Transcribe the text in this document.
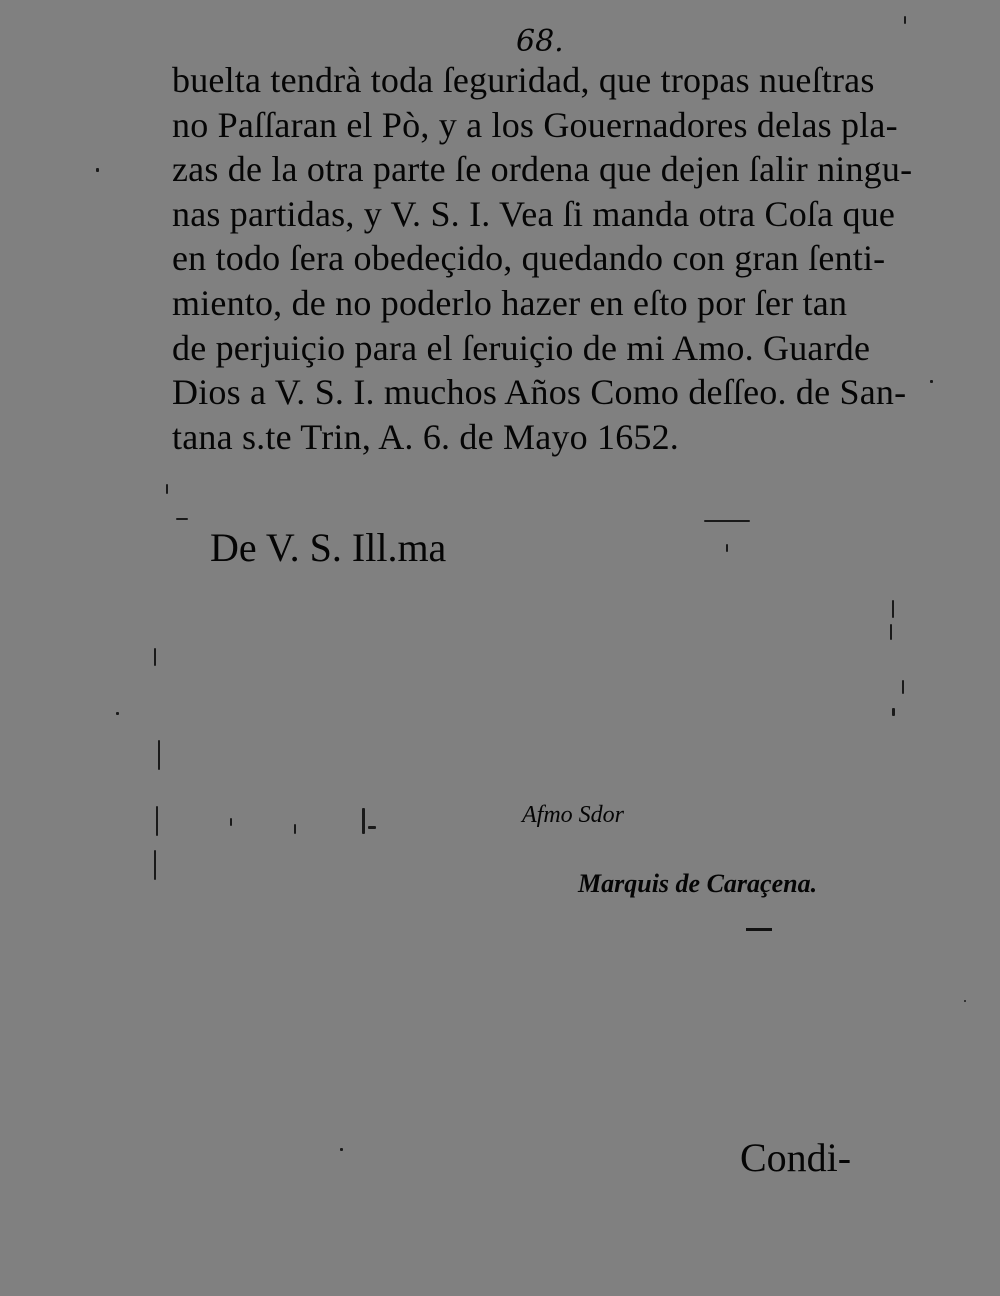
68.
buelta tendrà toda ſeguridad, que tropas nueſtras
no Paſſaran el Pò, y a los Gouernadores delas pla-
zas de la otra parte ſe ordena que dejen ſalir ningu-
nas partidas, y V. S. I. Vea ſi manda otra Coſa que
en todo ſera obedeçido, quedando con gran ſenti-
miento, de no poderlo hazer en eſto por ſer tan
de perjuiçio para el ſeruiçio de mi Amo. Guarde
Dios a V. S. I. muchos Años Como deſſeo. de San-
tana s.te Trin, A. 6. de Mayo 1652.
De V. S. Ill.ma
Afmo Sdor
Marquis de Caraçena.
Condi-
